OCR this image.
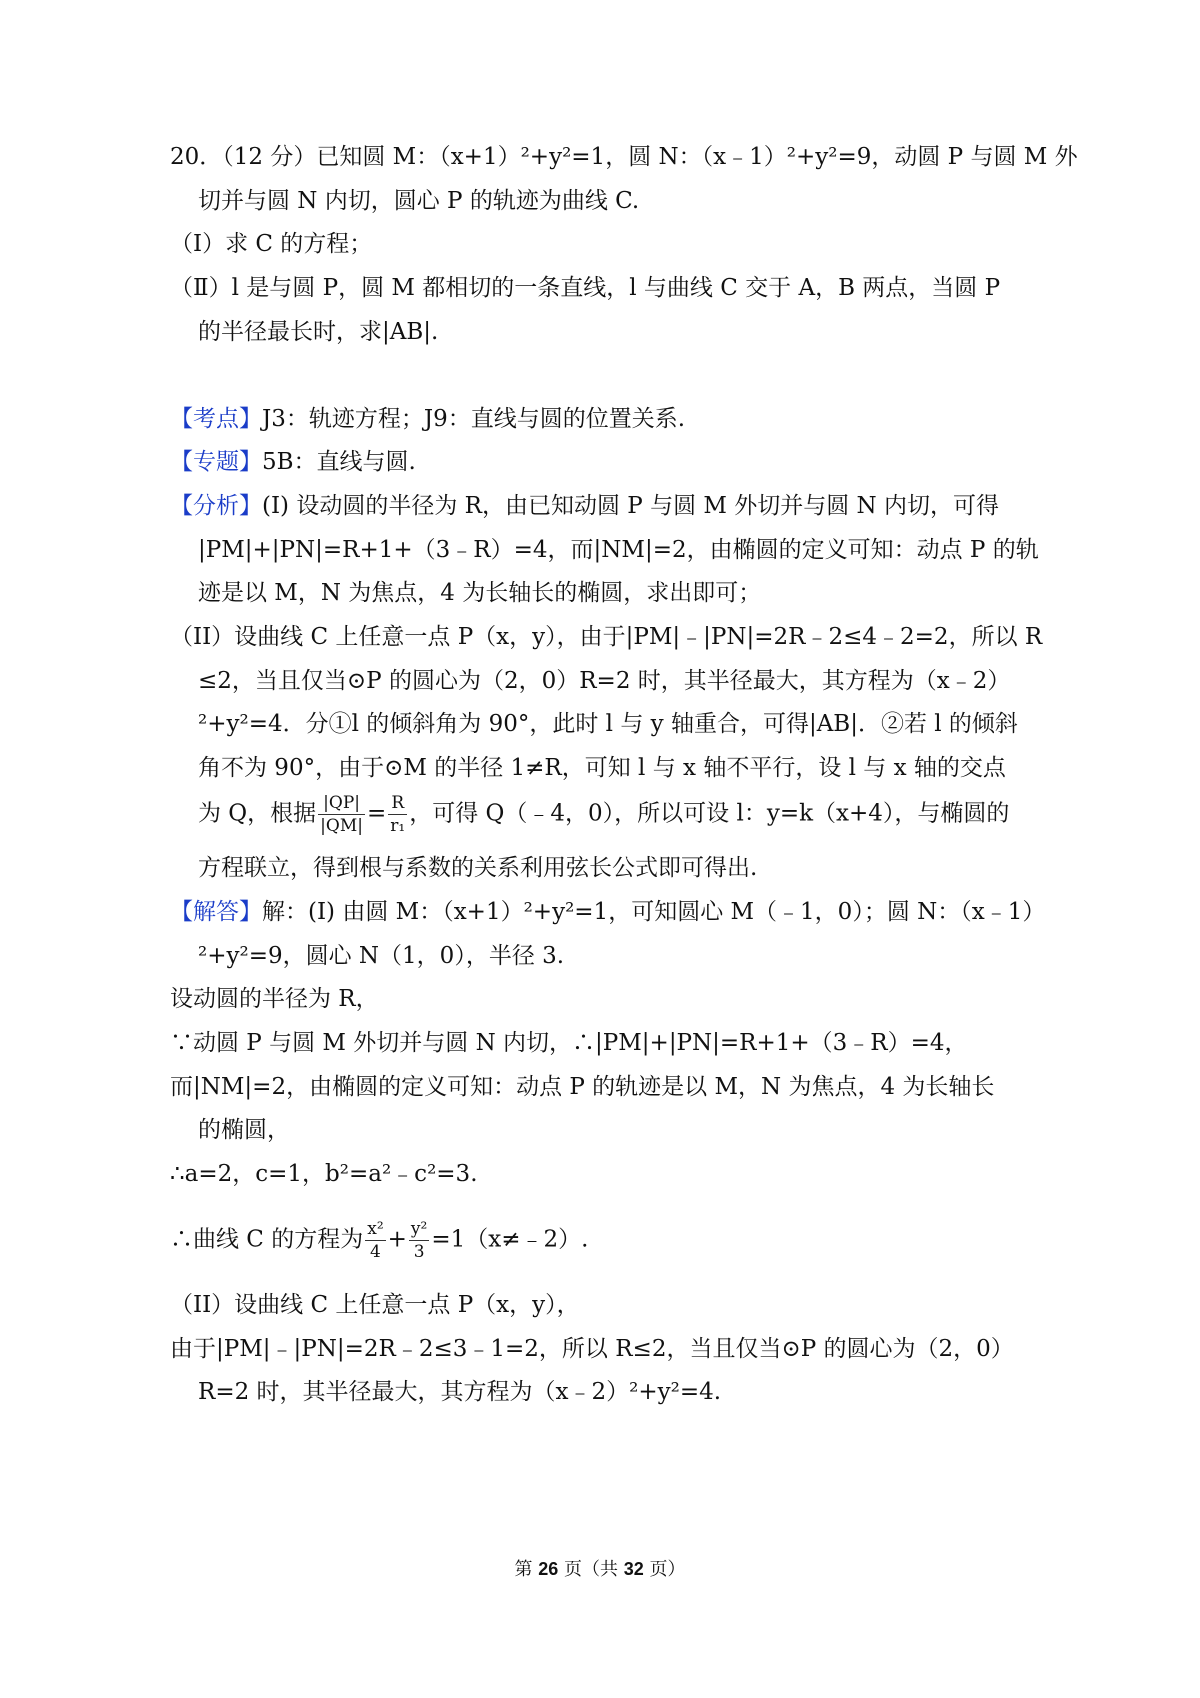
20．（12 分）已知圆 M：（x+1）²+y²=1，圆 N：（x﹣1）²+y²=9，动圆 P 与圆 M 外
切并与圆 N 内切，圆心 P 的轨迹为曲线 C.
（Ⅰ）求 C 的方程；
（Ⅱ）l 是与圆 P，圆 M 都相切的一条直线，l 与曲线 C 交于 A，B 两点，当圆 P
的半径最长时，求|AB|.
【考点】 J3：轨迹方程；J9：直线与圆的位置关系.
【专题】 5B：直线与圆.
【分析】 (I) 设动圆的半径为 R，由已知动圆 P 与圆 M 外切并与圆 N 内切，可得
|PM|+|PN|=R+1+（3﹣R）=4，而|NM|=2，由椭圆的定义可知：动点 P 的轨
迹是以 M，N 为焦点，4 为长轴长的椭圆，求出即可；
（II）设曲线 C 上任意一点 P（x，y），由于|PM|﹣|PN|=2R﹣2≤4﹣2=2，所以 R
≤2，当且仅当⊙P 的圆心为（2，0）R=2 时，其半径最大，其方程为（x﹣2）
²+y²=4．分①l 的倾斜角为 90°，此时 l 与 y 轴重合，可得|AB|．②若 l 的倾斜
角不为 90°，由于⊙M 的半径 1≠R，可知 l 与 x 轴不平行，设 l 与 x 轴的交点
为 Q，根据 $\frac{|QP|}{|QM|} = \frac{R}{\text{r₁}}$ ，可得 Q（﹣4，0），所以可设 l：y=k（x+4），与椭圆的
方程联立，得到根与系数的关系利用弦长公式即可得出.
【解答】 解：(I) 由圆 M：（x+1）²+y²=1，可知圆心 M（﹣1，0）；圆 N：（x﹣1）
²+y²=9，圆心 N（1，0），半径 3.
设动圆的半径为 R，
∵动圆 P 与圆 M 外切并与圆 N 内切，∴|PM|+|PN|=R+1+（3﹣R）=4，
而|NM|=2，由椭圆的定义可知：动点 P 的轨迹是以 M，N 为焦点，4 为长轴长
的椭圆，
∴a=2，c=1，b²=a²﹣c²=3.
∴曲线 C 的方程为 $\frac{\text{x²}}{4} + \frac{\text{y²}}{3}$ =1（x≠﹣2）.
（II）设曲线 C 上任意一点 P（x，y），
由于|PM|﹣|PN|=2R﹣2≤3﹣1=2，所以 R≤2，当且仅当⊙P 的圆心为（2，0）
R=2 时，其半径最大，其方程为（x﹣2）²+y²=4.
第 26 页（共 32 页）
